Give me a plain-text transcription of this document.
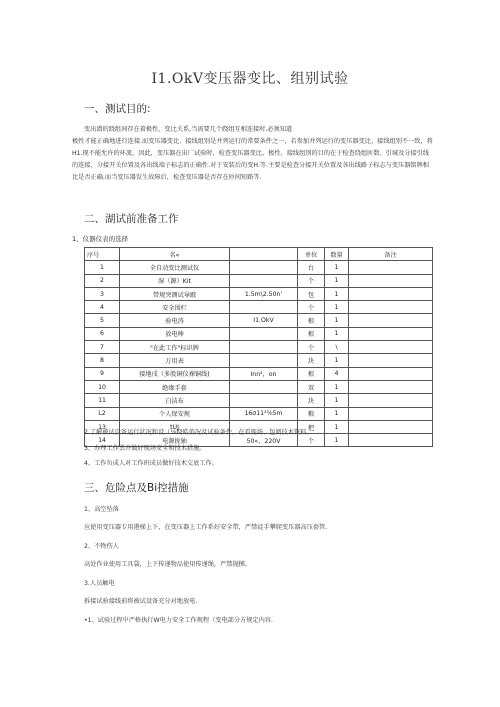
I1.OkV变压器变比、组别试验
一、测试目的:
变出潜的跷组间存在着极性、变比关系,当需要几个跷组互相连接时,必须知道
极性才能正确地进行连接.而变压器变比、接线组别是并列运行的常要条件之一，若参加并列运行的变压器变比、接线组别不一致，将H1.现不能允许的环流，因此，变压器在出厂试验时，检查变压器变比、极性、接线组别的目的在于检查绕组匝数、引城及分接引线的连接、分接开关位置及各出线端子标志的正确性.对于安装后的变H.等.主要是检查分接开关位置及各出线路子标志与变压器铭牌相比是否正确.而当变压器发生故障后，检查变压器是否存在匝间短路等.
二、湖试前准备工作
1、仪器仪表的选择
序号	名«		单位	数量	备注
1	全自动变比测试仪		台	1	
2	湿（源）Kit		个	1	
3	带规突测试导跛	1.5m\2.50n'	包	1	
4	安全围栏		个	1	
5	验电涛	I1.OkV	根	1	
6	放电棒		根	1	
7	"在此工作"标识牌		个	\	
8	万用表		块	1	
9	接地戌（多股铜仪裸铜线)	Inn²，on	根	4	
10	绝缘手套		双	1	
11	白洁布		块	1	
L2	个人保安规	16σ11²⅝5m	粮	1	
13	tUJ		把	1	
14	电源拢轴	50«，220V	个	1	
2.了解被试设备运行状况和设（⅛跷皓俏况及试验条件，在看现场、包阅技术资料。
3、办理工作票并做好现场安全和技术措施。
4、工作负成人对工作班成员做好技术交底工作。
三、危险点及Bi控措施
1、高空坠落
应使用变压器专用港梯上下，在变压器上工作系好安全带，严禁徒手攀爬变压器高压套管.
2、不物伤人
高处作业使用工具袋，上下传递物品使用传递绳，严禁抛掷，
3.人员触电
拆接试验接线前将被试设备充分对地放电.
•1、试验过程中严格执行W电力安全工作规程（变电部分方规定内容.
